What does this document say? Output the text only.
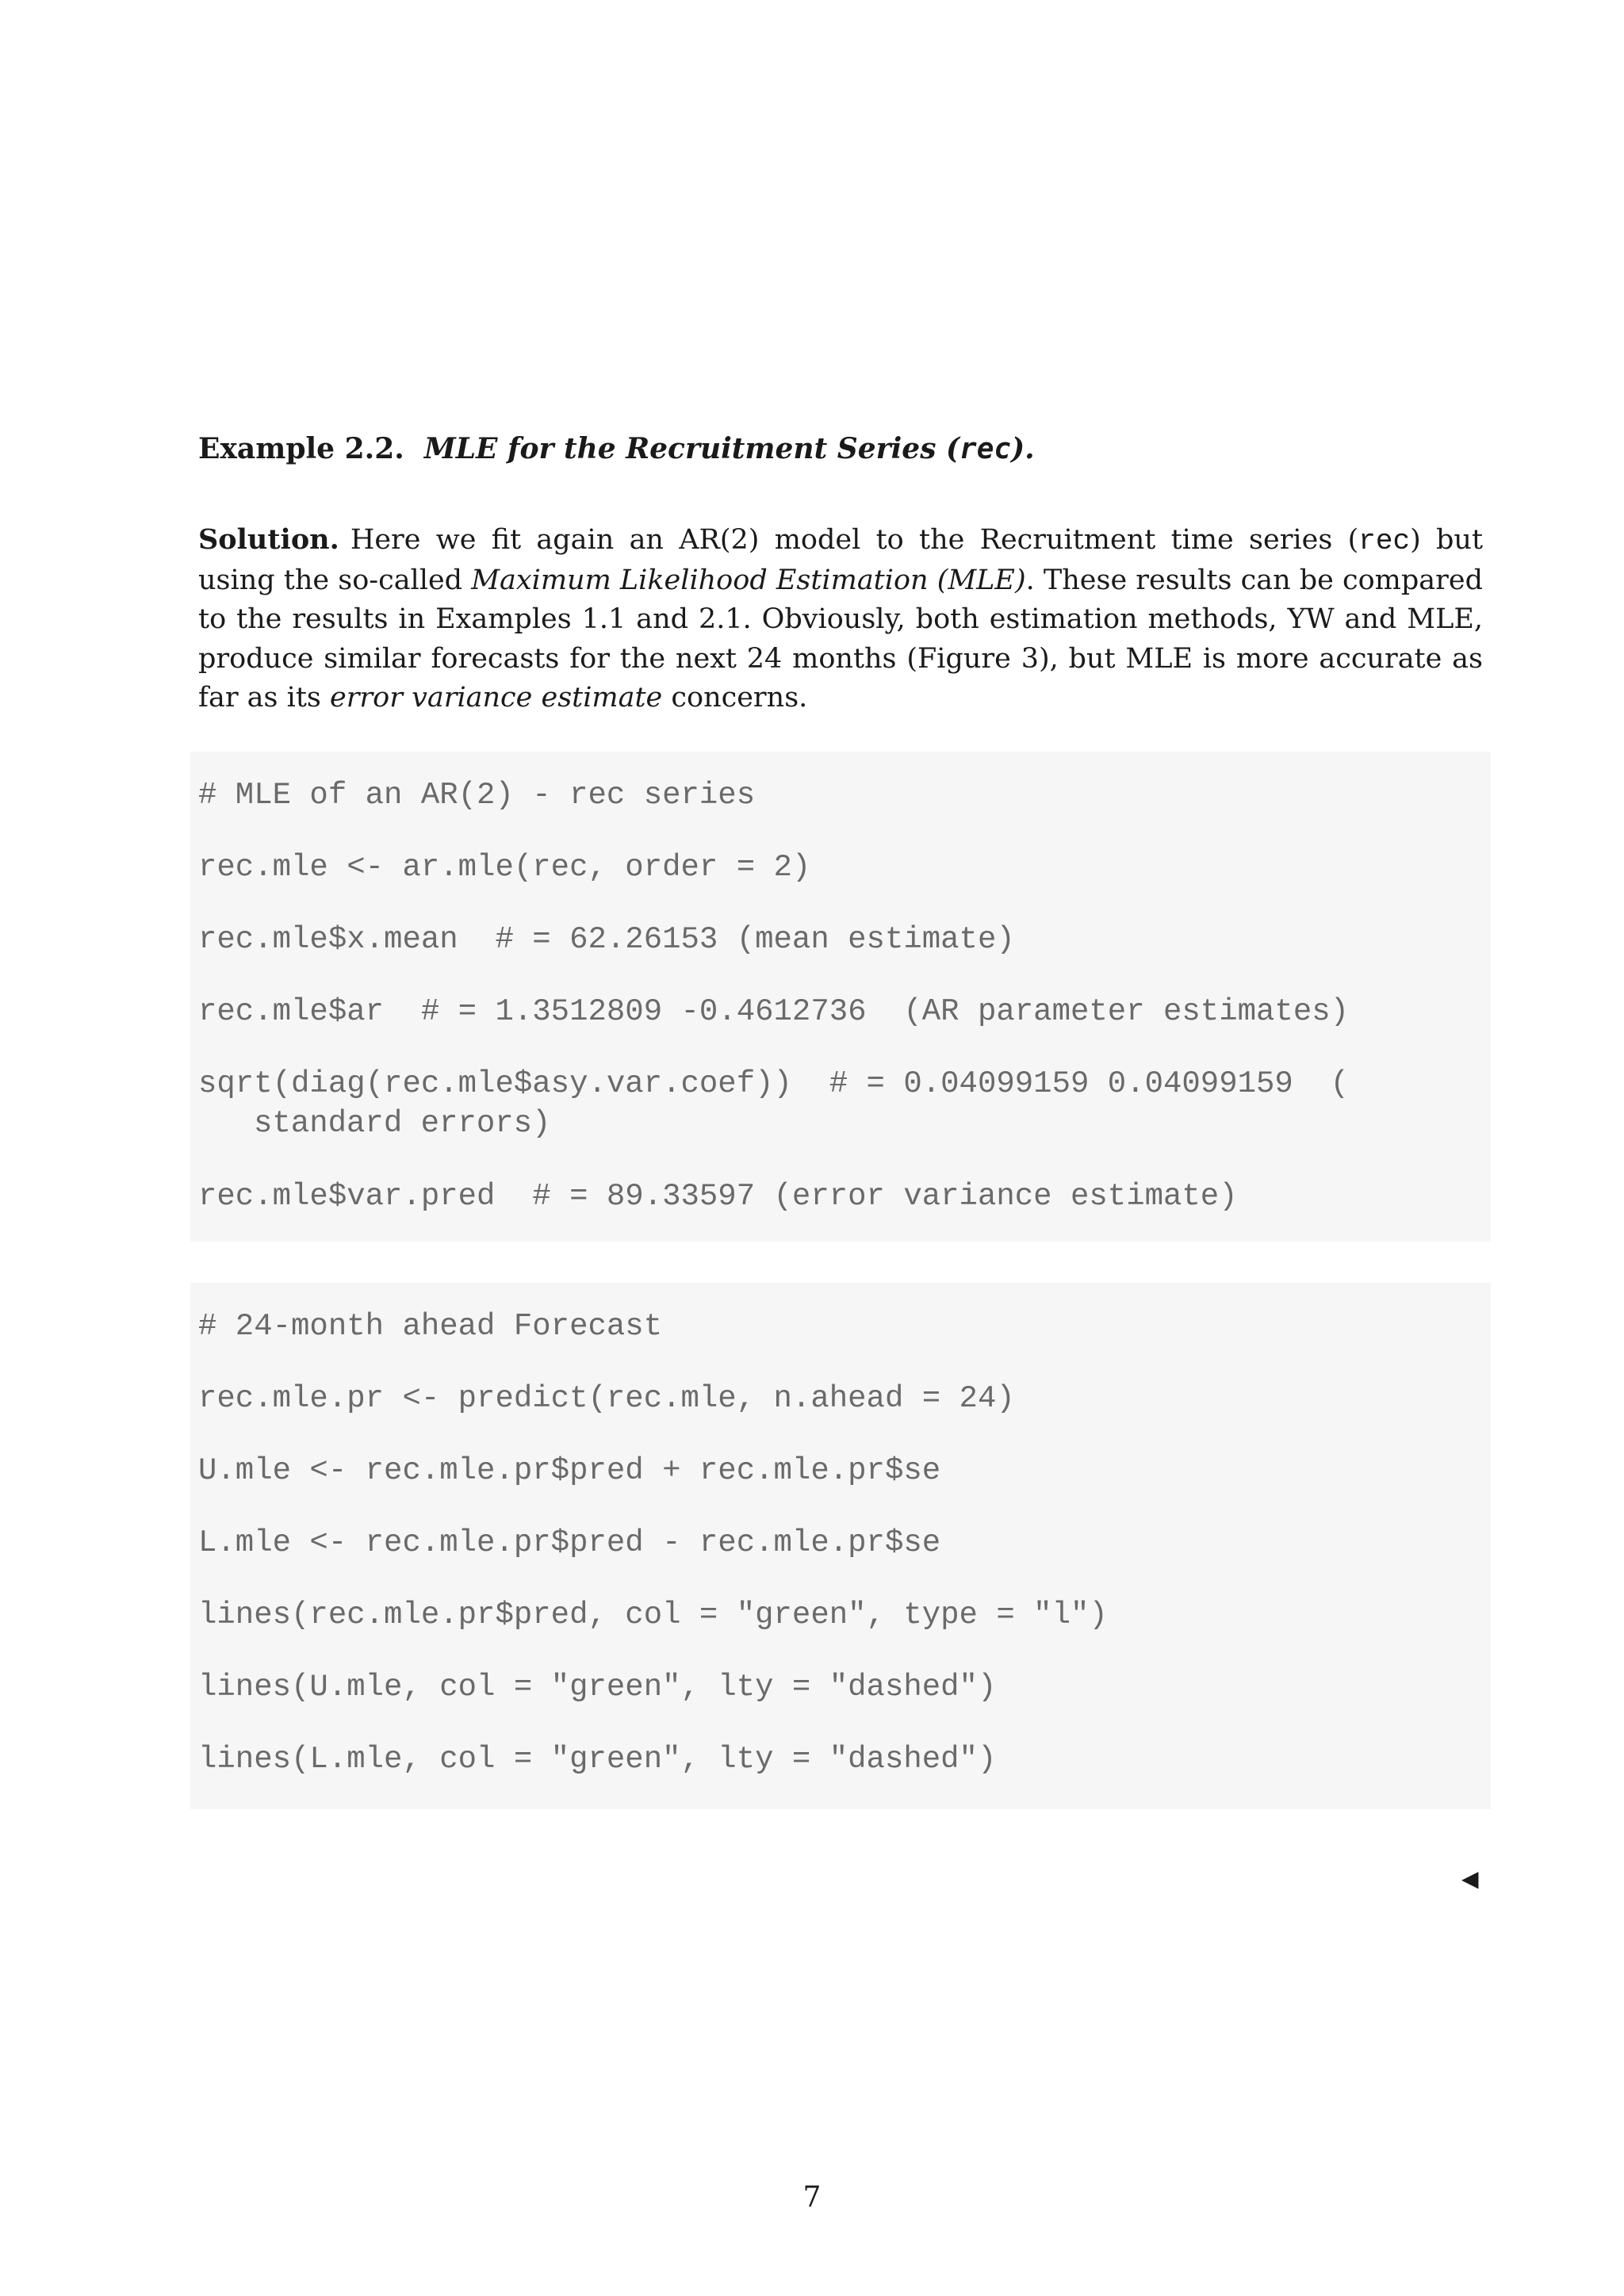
Example 2.2. MLE for the Recruitment Series (rec).
Solution. Here we fit again an AR(2) model to the Recruitment time series (rec) but using the so-called Maximum Likelihood Estimation (MLE). These results can be compared to the results in Examples 1.1 and 2.1. Obviously, both estimation methods, YW and MLE, produce similar forecasts for the next 24 months (Figure 3), but MLE is more accurate as far as its error variance estimate concerns.
# MLE of an AR(2) - rec series
rec.mle <- ar.mle(rec, order = 2)
rec.mle$x.mean  # = 62.26153 (mean estimate)
rec.mle$ar  # = 1.3512809 -0.4612736  (AR parameter estimates)
sqrt(diag(rec.mle$asy.var.coef))  # = 0.04099159 0.04099159  (
standard errors)
rec.mle$var.pred  # = 89.33597 (error variance estimate)
# 24-month ahead Forecast
rec.mle.pr <- predict(rec.mle, n.ahead = 24)
U.mle <- rec.mle.pr$pred + rec.mle.pr$se
L.mle <- rec.mle.pr$pred - rec.mle.pr$se
lines(rec.mle.pr$pred, col = "green", type = "l")
lines(U.mle, col = "green", lty = "dashed")
lines(L.mle, col = "green", lty = "dashed")
◀
7
